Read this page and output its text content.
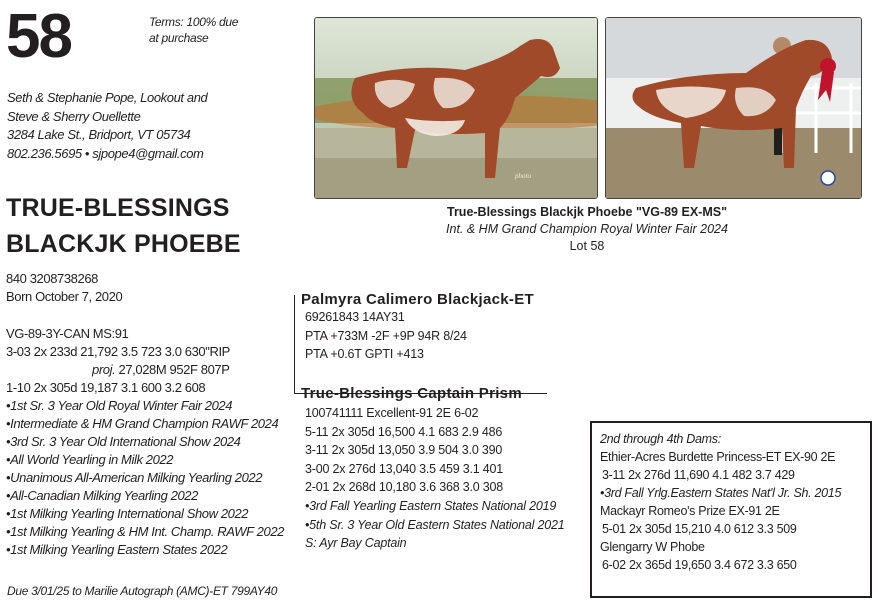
58	Terms: 100% due
at purchase
Seth & Stephanie Pope, Lookout and
Steve & Sherry Ouellette
3284 Lake St., Bridport, VT 05734
802.236.5695 • sjpope4@gmail.com
TRUE-BLESSINGS
BLACKJK PHOEBE
840 3208738268
Born October 7, 2020
VG-89-3Y-CAN MS:91
3-03 2x 233d 21,792 3.5 723 3.0 630"RIP
proj. 27,028M 952F 807P
1-10 2x 305d 19,187 3.1 600 3.2 608
•1st Sr. 3 Year Old Royal Winter Fair 2024
•Intermediate & HM Grand Champion RAWF 2024
•3rd Sr. 3 Year Old International Show 2024
•All World Yearling in Milk 2022
•Unanimous All-American Milking Yearling 2022
•All-Canadian Milking Yearling 2022
•1st Milking Yearling International Show 2022
•1st Milking Yearling & HM Int. Champ. RAWF 2022
•1st Milking Yearling Eastern States 2022
Due 3/01/25 to Marilie Autograph (AMC)-ET 799AY40
photo
True-Blessings Blackjk Phoebe "VG-89 EX-MS"
Int. & HM Grand Champion Royal Winter Fair 2024
Lot 58
Palmyra Calimero Blackjack-ET
69261843 14AY31
PTA +733M -2F +9P 94R 8/24
PTA +0.6T GPTI +413
True-Blessings Captain Prism
100741111 Excellent-91 2E 6-02
5-11 2x 305d 16,500 4.1 683 2.9 486
3-11 2x 305d 13,050 3.9 504 3.0 390
3-00 2x 276d 13,040 3.5 459 3.1 401
2-01 2x 268d 10,180 3.6 368 3.0 308
•3rd Fall Yearling Eastern States National 2019
•5th Sr. 3 Year Old Eastern States National 2021
S: Ayr Bay Captain
2nd through 4th Dams:
Ethier-Acres Burdette Princess-ET EX-90 2E
3-11 2x 276d 11,690 4.1 482 3.7 429
•3rd Fall Yrlg.Eastern States Nat'l Jr. Sh. 2015
Mackayr Romeo's Prize EX-91 2E
5-01 2x 305d 15,210 4.0 612 3.3 509
Glengarry W Phobe
6-02 2x 365d 19,650 3.4 672 3.3 650
